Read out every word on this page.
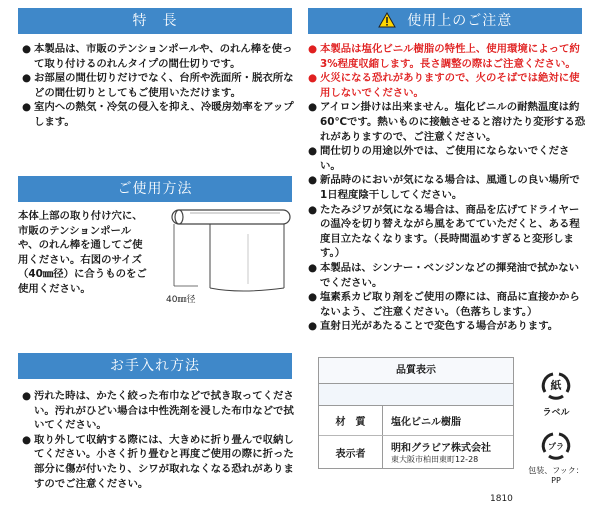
特　長
● 本製品は、市販のテンションポールや、のれん棒を使って取り付けるのれんタイプの間仕切りです。
● お部屋の間仕切りだけでなく、台所や洗面所・脱衣所などの間仕切りとしてもご使用いただけます。
● 室内への熱気・冷気の侵入を抑え、冷暖房効率をアップします。
ご使用方法
本体上部の取り付け穴に、市販のテンションポールや、のれん棒を通してご使用ください。右図のサイズ（40㎜径）に合うものをご使用ください。
40㎜径
お手入れ方法
● 汚れた時は、かたく絞った布巾などで拭き取ってください。汚れがひどい場合は中性洗剤を浸した布巾などで拭いてください。
● 取り外して収納する際には、大きめに折り畳んで収納してください。小さく折り畳むと再度ご使用の際に折った部分に傷が付いたり、シワが取れなくなる恐れがありますのでご注意ください。
使用上のご注意
● 本製品は塩化ビニル樹脂の特性上、使用環境によって約3%程度収縮します。長さ調整の際はご注意ください。
● 火災になる恐れがありますので、火のそばでは絶対に使用しないでください。
● アイロン掛けは出来ません。塩化ビニルの耐熱温度は約60℃です。熱いものに接触させると溶けたり変形する恐れがありますので、ご注意ください。
● 間仕切りの用途以外では、ご使用にならないでください。
● 新品時のにおいが気になる場合は、風通しの良い場所で1日程度陰干ししてください。
● たたみジワが気になる場合は、商品を広げてドライヤーの温冷を切り替えながら風をあてていただくと、ある程度目立たなくなります。（長時間温めすぎると変形します。）
● 本製品は、シンナー・ベンジンなどの揮発油で拭かないでください。
● 塩素系カビ取り剤をご使用の際には、商品に直接かからないよう、ご注意ください。（色落ちします。）
● 直射日光があたることで変色する場合があります。
品質表示
材　質	塩化ビニル樹脂
表示者	明和グラビア株式会社
東大阪市柏田東町12-28
紙
ラベル
プラ
包装、フック：PP
1810
